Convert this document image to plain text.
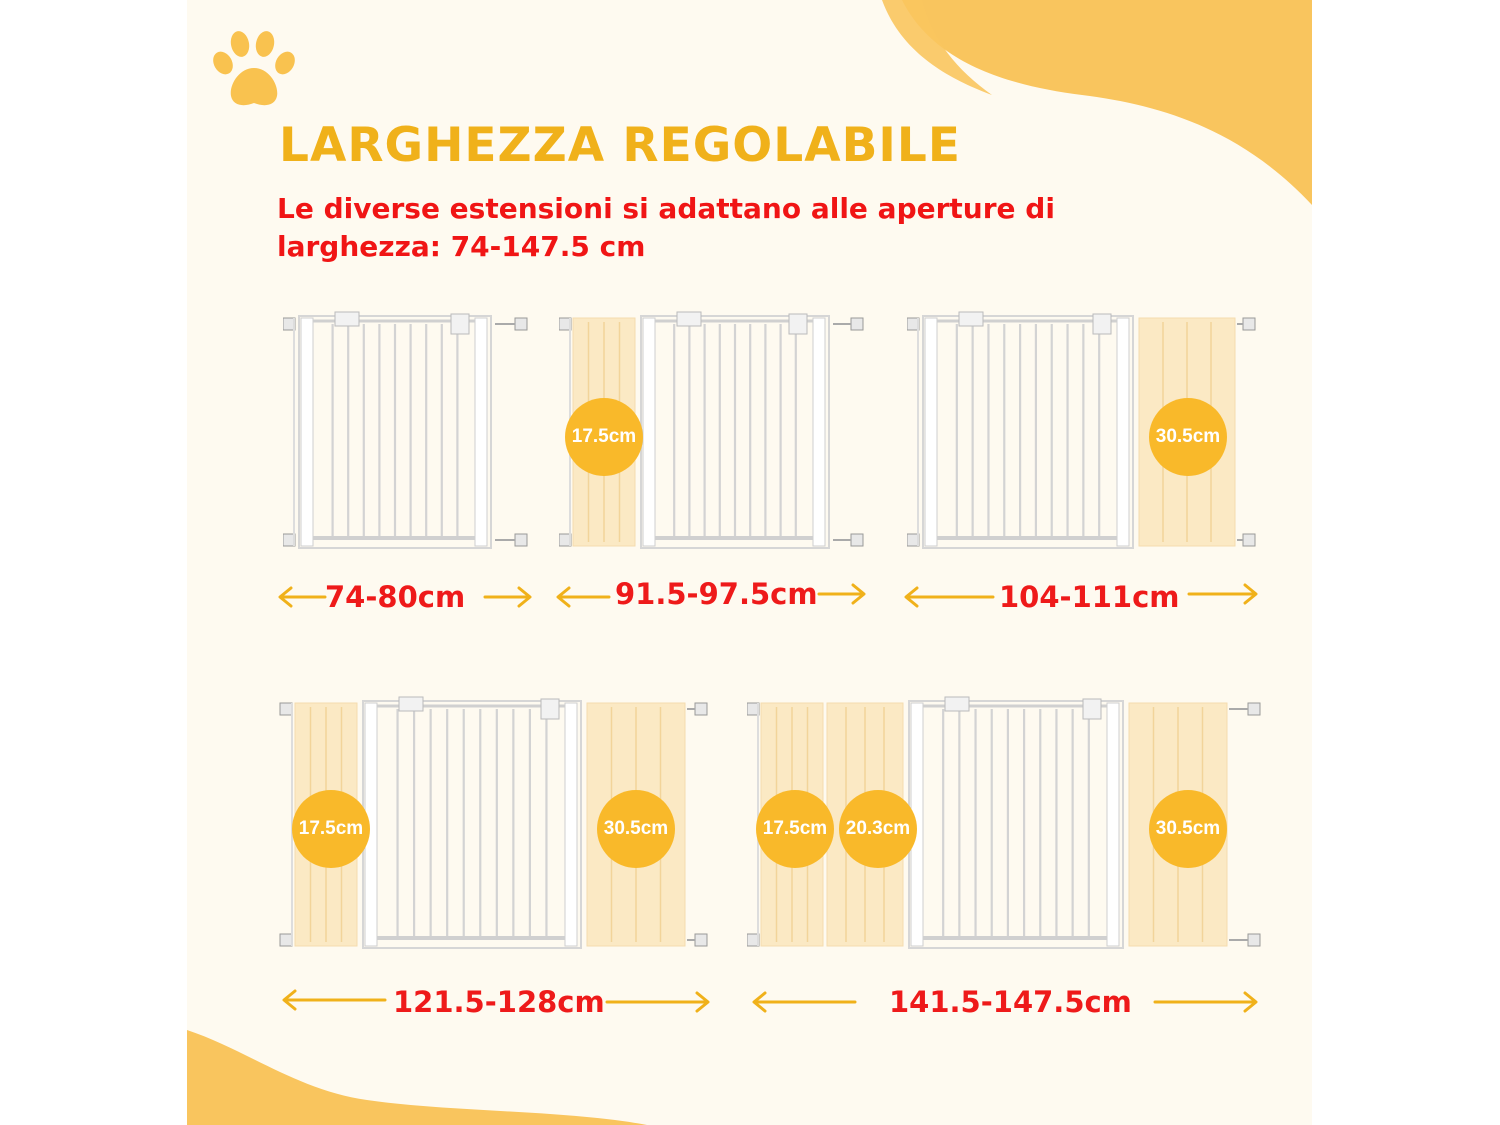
LARGHEZZA REGOLABILE
Le diverse estensioni si adattano alle aperture di
larghezza: 74-147.5 cm
74-80cm
17.5cm
91.5-97.5cm
30.5cm
104-111cm
17.5cm	30.5cm
121.5-128cm
17.5cm 20.3cm	30.5cm
141.5-147.5cm
